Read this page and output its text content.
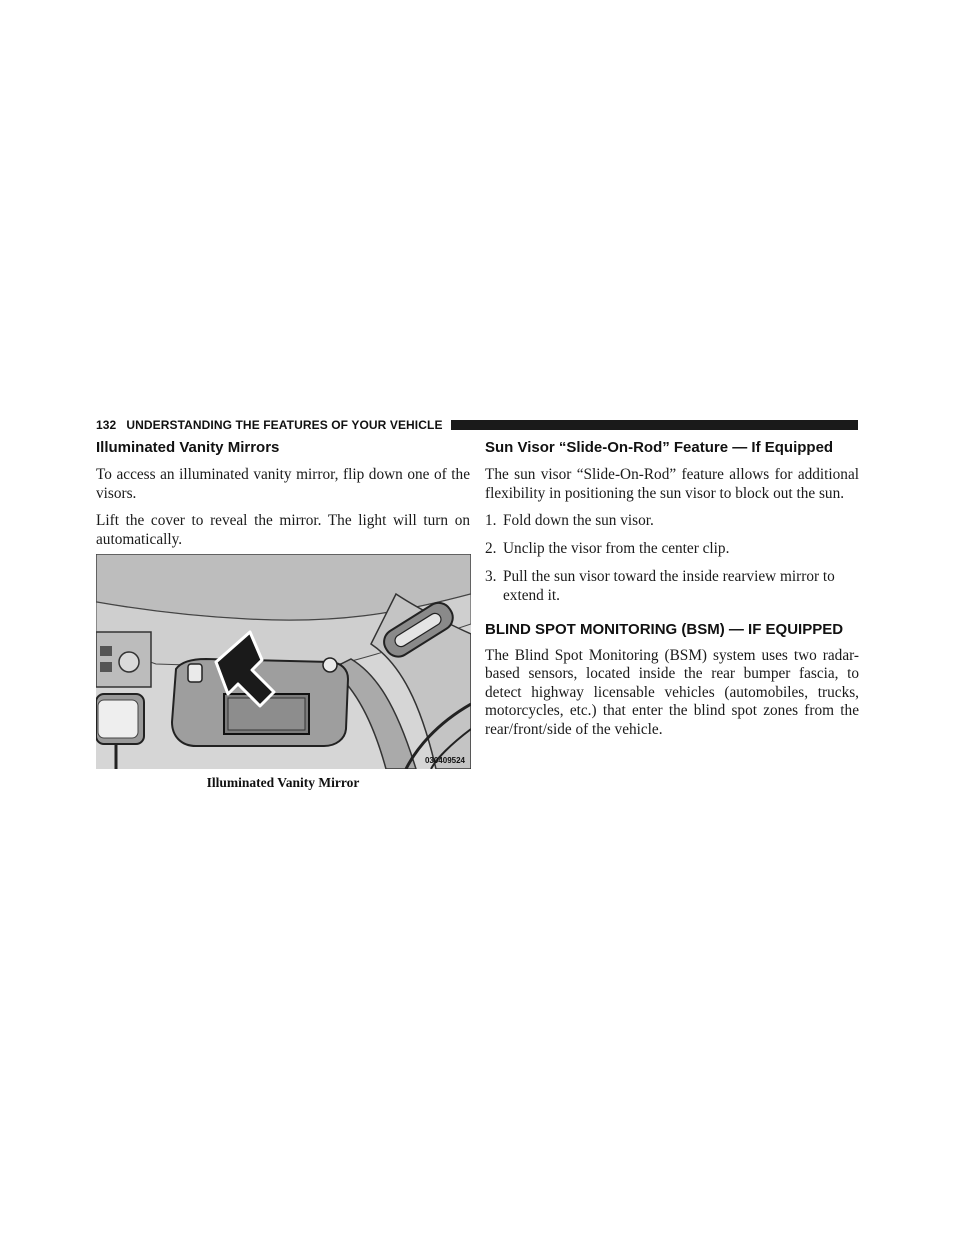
132 UNDERSTANDING THE FEATURES OF YOUR VEHICLE
Illuminated Vanity Mirrors

To access an illuminated vanity mirror, flip down one of the visors.

Lift the cover to reveal the mirror. The light will turn on automatically.

030409524
Illuminated Vanity Mirror
Sun Visor “Slide-On-Rod” Feature — If Equipped

The sun visor “Slide-On-Rod” feature allows for additional flexibility in positioning the sun visor to block out the sun.

1. Fold down the sun visor.
2. Unclip the visor from the center clip.
3. Pull the sun visor toward the inside rearview mirror to extend it.
BLIND SPOT MONITORING (BSM) — IF EQUIPPED

The Blind Spot Monitoring (BSM) system uses two radar-based sensors, located inside the rear bumper fascia, to detect highway licensable vehicles (automobiles, trucks, motorcycles, etc.) that enter the blind spot zones from the rear/front/side of the vehicle.
